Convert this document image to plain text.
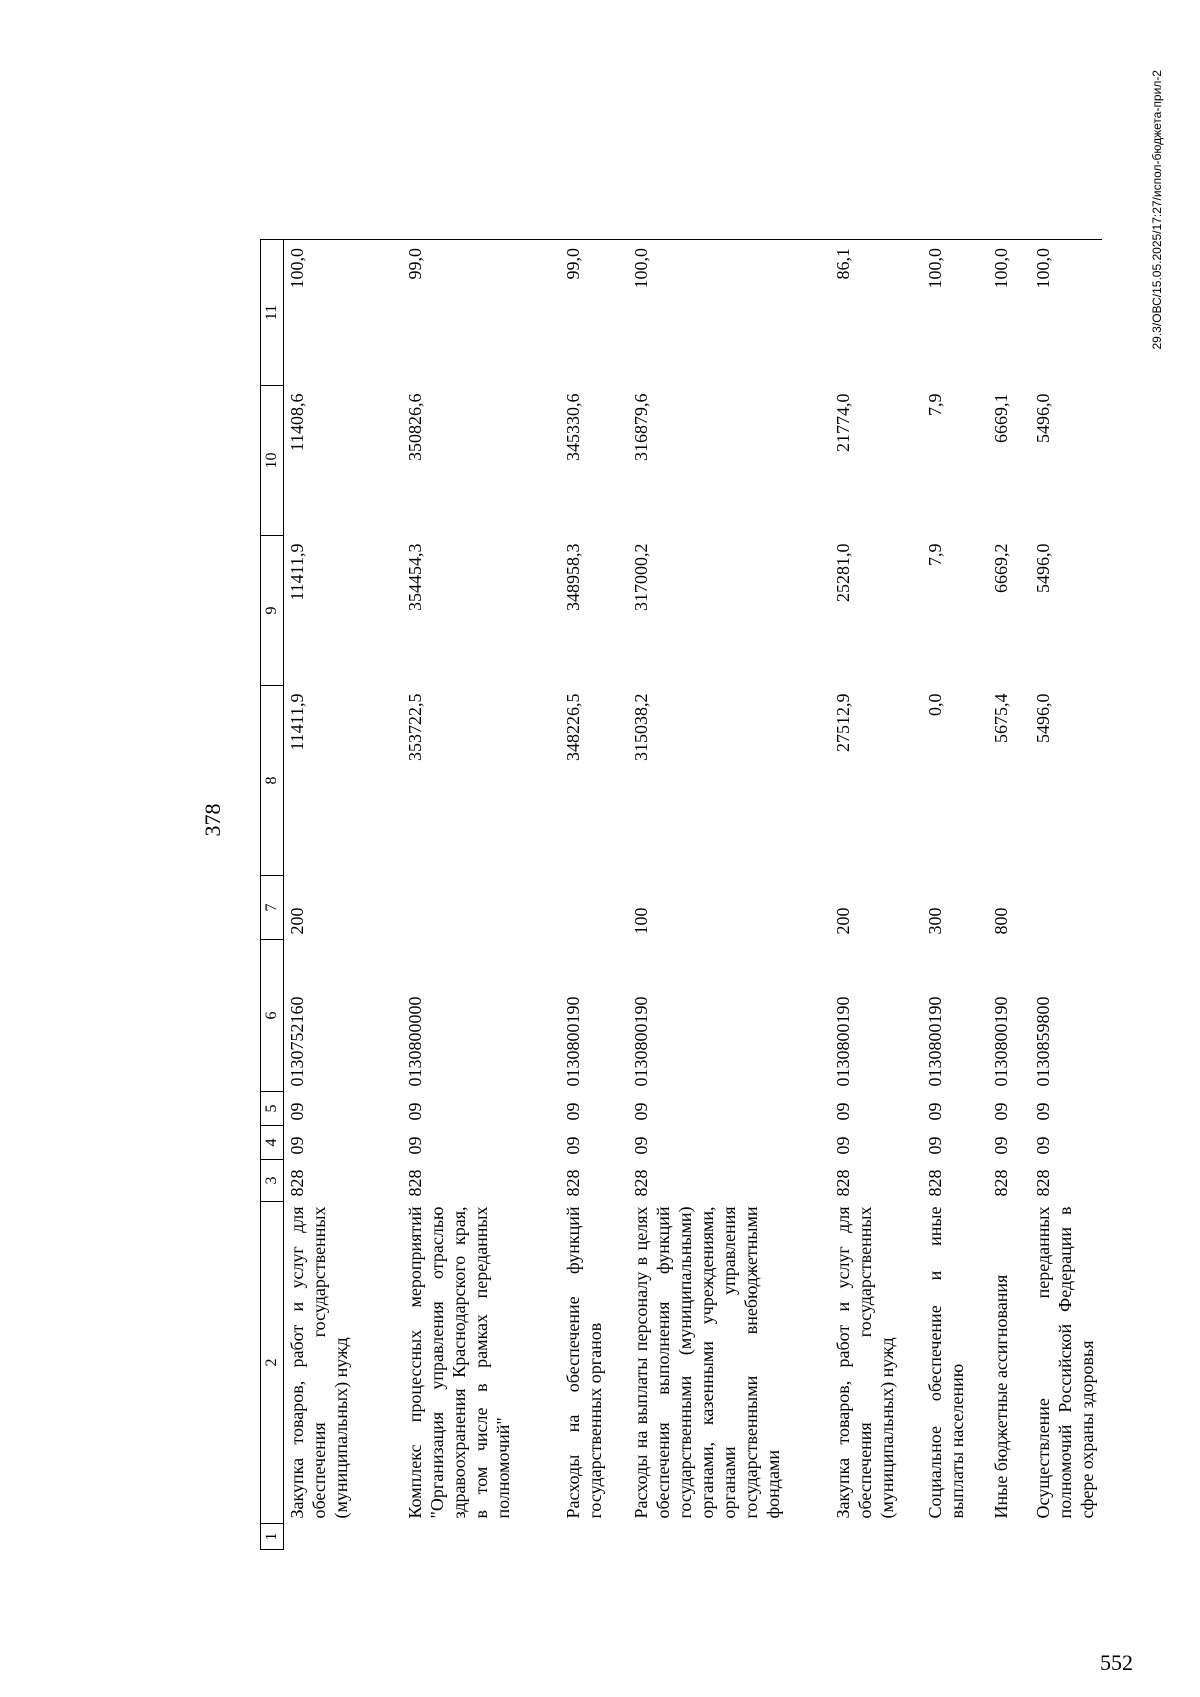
378
1	2	3	4	5	6	7	8	9	10	11
	Закупка товаров, работ и услуг для обеспечения государственных (муниципальных) нужд	828	09	09	0130752160	200	11411,9	11411,9	11408,6	100,0
	Комплекс процессных мероприятий "Организация управления отраслью здравоохранения Краснодарского края, в том числе в рамках переданных полномочий"	828	09	09	0130800000		353722,5	354454,3	350826,6	99,0
	Расходы на обеспечение функций государственных органов	828	09	09	0130800190		348226,5	348958,3	345330,6	99,0
	Расходы на выплаты персоналу в целях обеспечения выполнения функций государственными (муниципальными) органами, казенными учреждениями, органами управления государственными внебюджетными фондами	828	09	09	0130800190	100	315038,2	317000,2	316879,6	100,0
	Закупка товаров, работ и услуг для обеспечения государственных (муниципальных) нужд	828	09	09	0130800190	200	27512,9	25281,0	21774,0	86,1
	Социальное обеспечение и иные выплаты населению	828	09	09	0130800190	300	0,0	7,9	7,9	100,0
	Иные бюджетные ассигнования	828	09	09	0130800190	800	5675,4	6669,2	6669,1	100,0
	Осуществление переданных полномочий Российской Федерации в сфере охраны здоровья	828	09	09	0130859800		5496,0	5496,0	5496,0	100,0	29.3/ОВС/15.05.2025/17:27/испол-бюджета-прил-2
552
